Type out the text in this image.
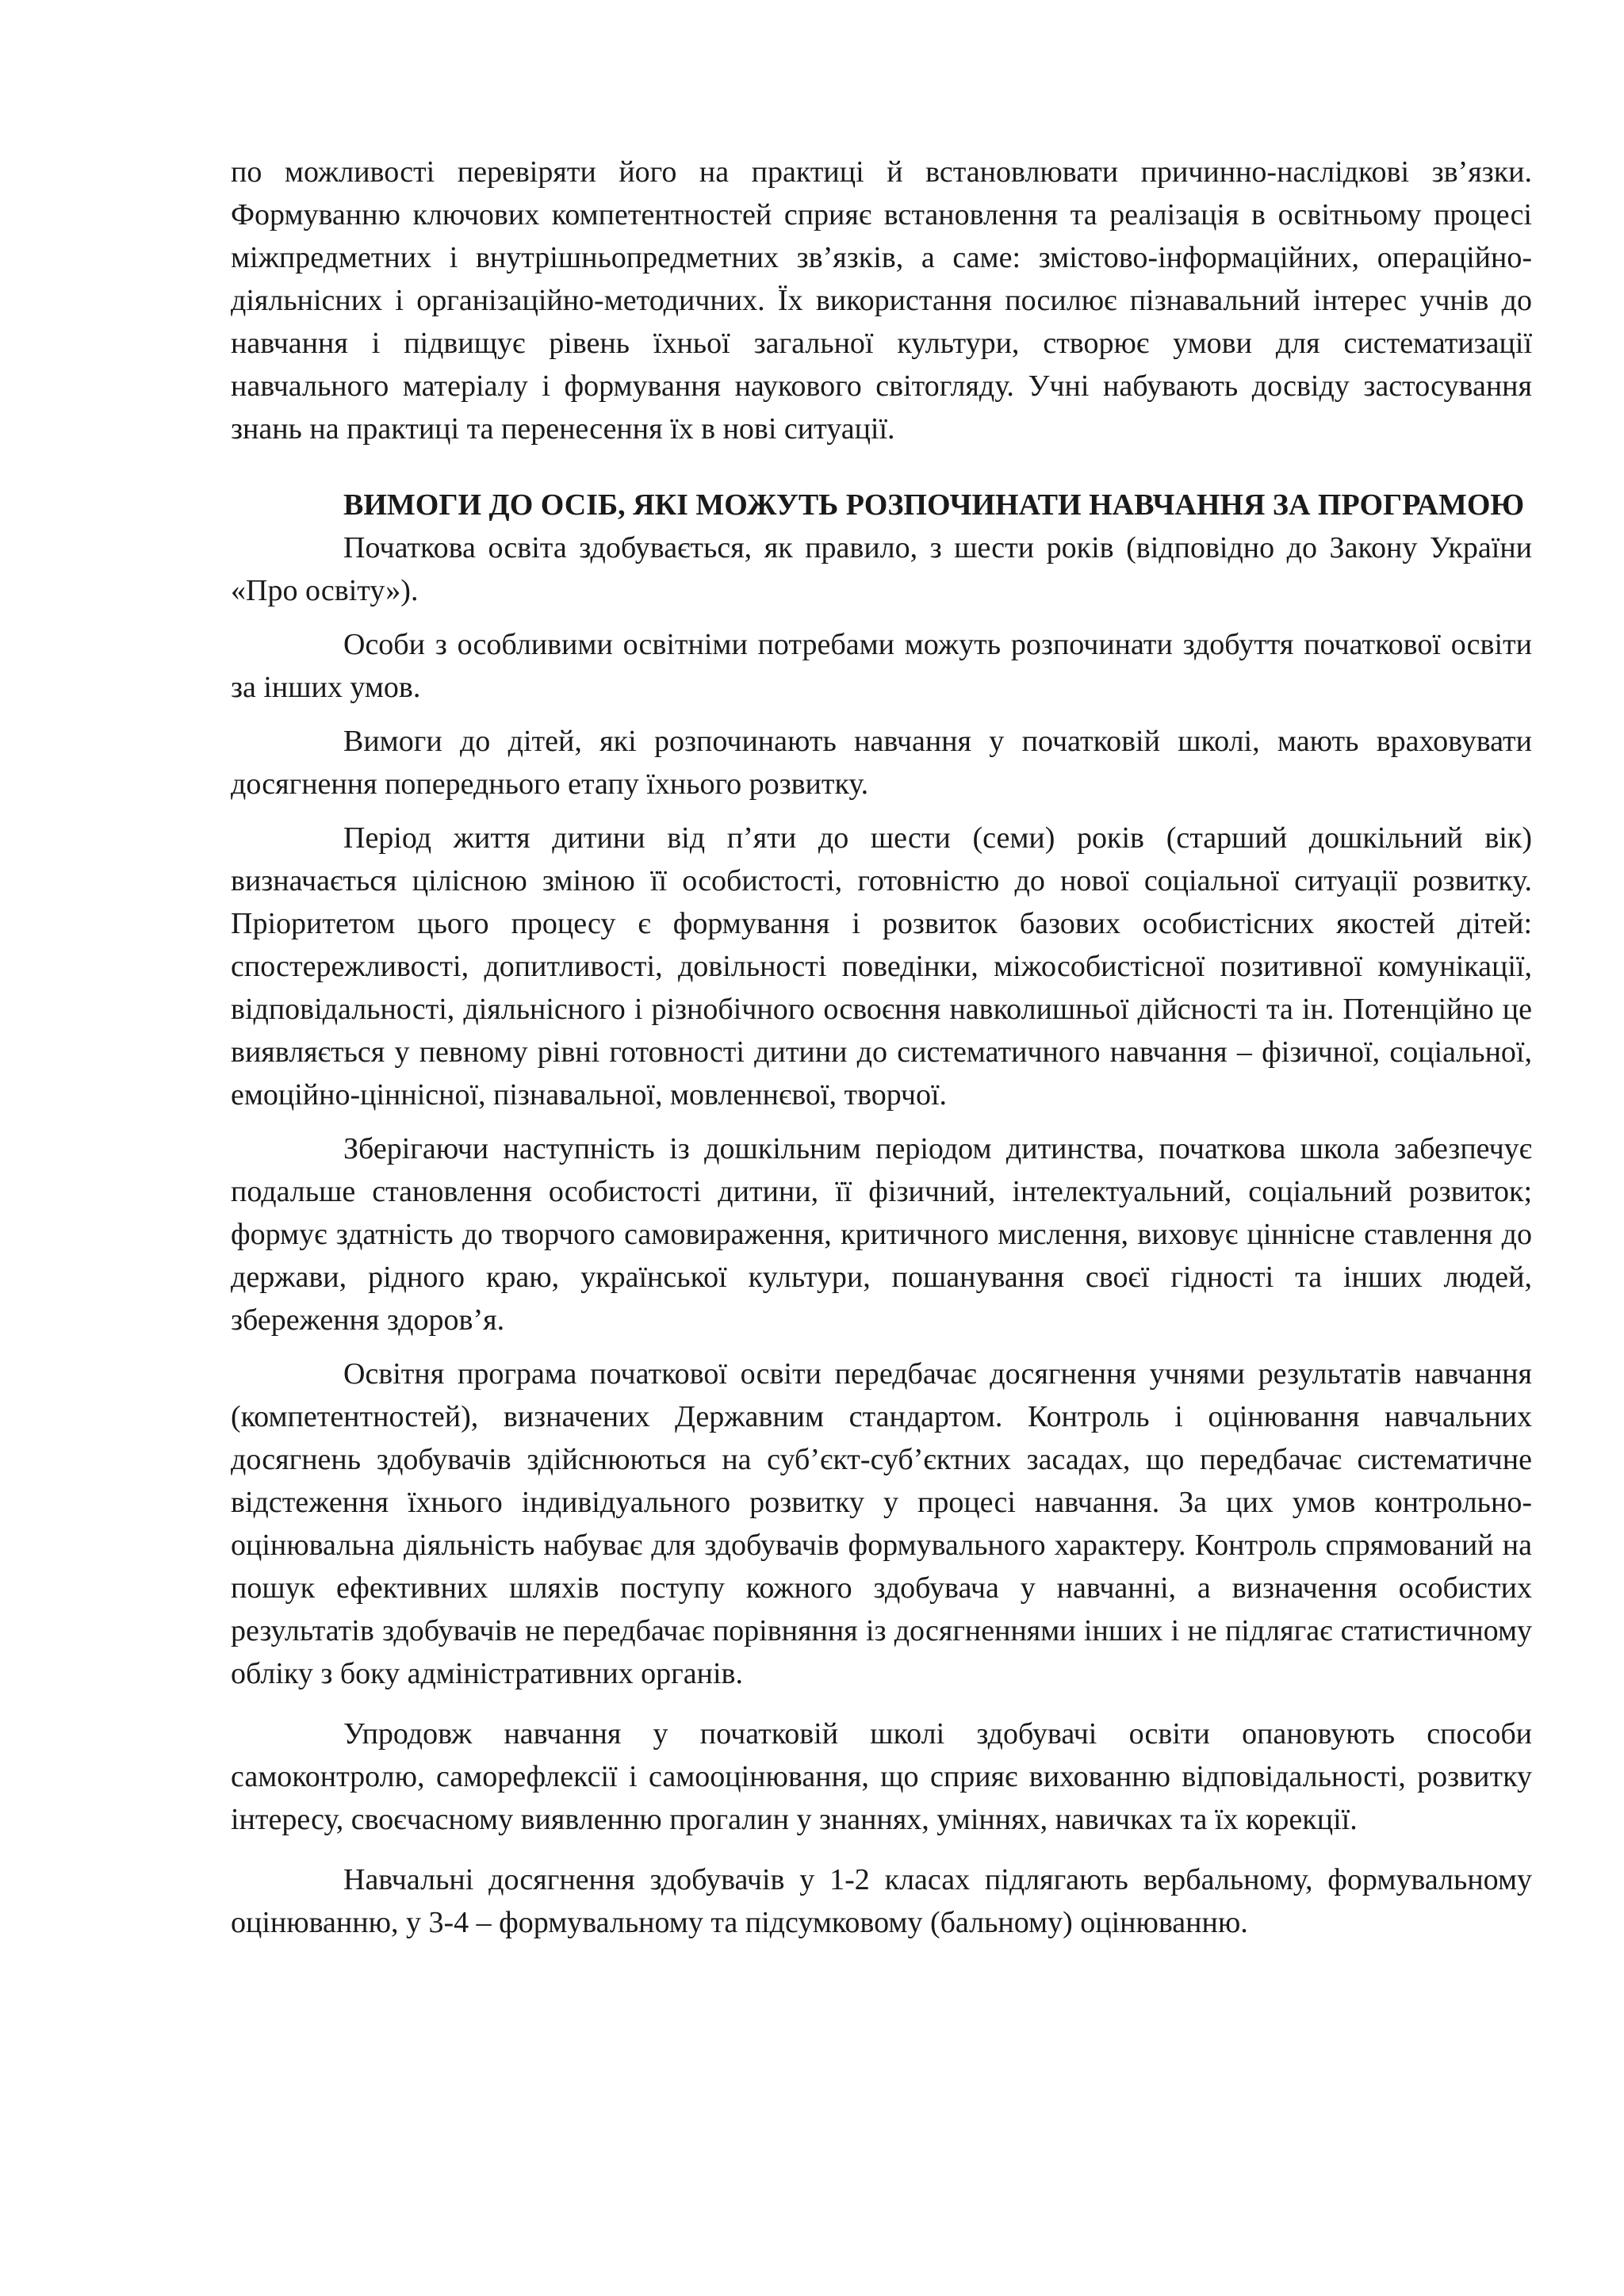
по можливості перевіряти його на практиці й встановлювати причинно-наслідкові зв’язки. Формуванню ключових компетентностей сприяє встановлення та реалізація в освітньому процесі міжпредметних і внутрішньопредметних зв’язків, а саме: змістово-інформаційних, операційно-діяльнісних і організаційно-методичних. Їх використання посилює пізнавальний інтерес учнів до навчання і підвищує рівень їхньої загальної культури, створює умови для систематизації навчального матеріалу і формування наукового світогляду. Учні набувають досвіду застосування знань на практиці та перенесення їх в нові ситуації.

ВИМОГИ ДО ОСІБ, ЯКІ МОЖУТЬ РОЗПОЧИНАТИ НАВЧАННЯ ЗА ПРОГРАМОЮ

Початкова освіта здобувається, як правило, з шести років (відповідно до Закону України «Про освіту»).

Особи з особливими освітніми потребами можуть розпочинати здобуття початкової освіти за інших умов.

Вимоги до дітей, які розпочинають навчання у початковій школі, мають враховувати досягнення попереднього етапу їхнього розвитку.

Період життя дитини від п’яти до шести (семи) років (старший дошкільний вік) визначається цілісною зміною її особистості, готовністю до нової соціальної ситуації розвитку. Пріоритетом цього процесу є формування і розвиток базових особистісних якостей дітей: спостережливості, допитливості, довільності поведінки, міжособистісної позитивної комунікації, відповідальності, діяльнісного і різнобічного освоєння навколишньої дійсності та ін. Потенційно це виявляється у певному рівні готовності дитини до систематичного навчання – фізичної, соціальної, емоційно-ціннісної, пізнавальної, мовленнєвої, творчої.

Зберігаючи наступність із дошкільним періодом дитинства, початкова школа забезпечує подальше становлення особистості дитини, її фізичний, інтелектуальний, соціальний розвиток; формує здатність до творчого самовираження, критичного мислення, виховує ціннісне ставлення до держави, рідного краю, української культури, пошанування своєї гідності та інших людей, збереження здоров’я.

Освітня програма початкової освіти передбачає досягнення учнями результатів навчання (компетентностей), визначених Державним стандартом. Контроль і оцінювання навчальних досягнень здобувачів здійснюються на суб’єкт-суб’єктних засадах, що передбачає систематичне відстеження їхнього індивідуального розвитку у процесі навчання. За цих умов контрольно-оцінювальна діяльність набуває для здобувачів формувального характеру. Контроль спрямований на пошук ефективних шляхів поступу кожного здобувача у навчанні, а визначення особистих результатів здобувачів не передбачає порівняння із досягненнями інших і не підлягає статистичному обліку з боку адміністративних органів.

Упродовж навчання у початковій школі здобувачі освіти опановують способи самоконтролю, саморефлексії і самооцінювання, що сприяє вихованню відповідальності, розвитку інтересу, своєчасному виявленню прогалин у знаннях, уміннях, навичках та їх корекції.

Навчальні досягнення здобувачів у 1-2 класах підлягають вербальному, формувальному оцінюванню, у 3-4 – формувальному та підсумковому (бальному) оцінюванню.
